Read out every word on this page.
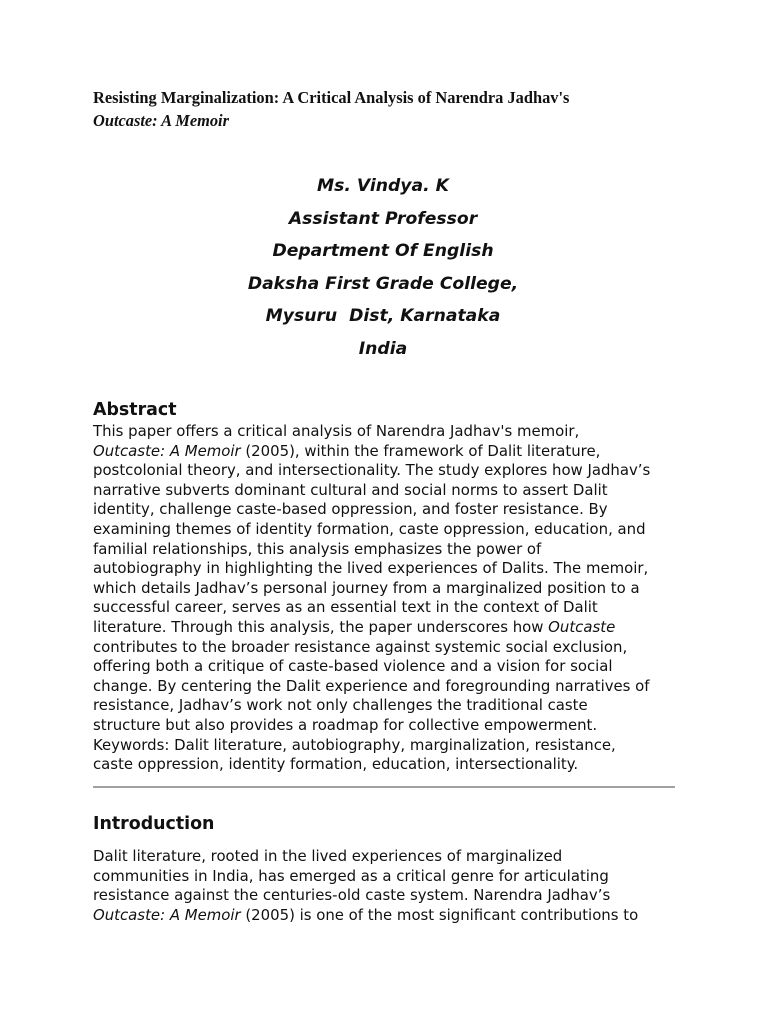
Resisting Marginalization: A Critical Analysis of Narendra Jadhav's
Outcaste: A Memoir
Ms. Vindya. K
Assistant Professor
Department Of English
Daksha First Grade College,
Mysuru  Dist, Karnataka
India
Abstract
This paper offers a critical analysis of Narendra Jadhav's memoir,
Outcaste: A Memoir (2005), within the framework of Dalit literature,
postcolonial theory, and intersectionality. The study explores how Jadhav’s
narrative subverts dominant cultural and social norms to assert Dalit
identity, challenge caste-based oppression, and foster resistance. By
examining themes of identity formation, caste oppression, education, and
familial relationships, this analysis emphasizes the power of
autobiography in highlighting the lived experiences of Dalits. The memoir,
which details Jadhav’s personal journey from a marginalized position to a
successful career, serves as an essential text in the context of Dalit
literature. Through this analysis, the paper underscores how Outcaste
contributes to the broader resistance against systemic social exclusion,
offering both a critique of caste-based violence and a vision for social
change. By centering the Dalit experience and foregrounding narratives of
resistance, Jadhav’s work not only challenges the traditional caste
structure but also provides a roadmap for collective empowerment.
Keywords: Dalit literature, autobiography, marginalization, resistance,
caste oppression, identity formation, education, intersectionality.
Introduction
Dalit literature, rooted in the lived experiences of marginalized
communities in India, has emerged as a critical genre for articulating
resistance against the centuries-old caste system. Narendra Jadhav’s
Outcaste: A Memoir (2005) is one of the most significant contributions to
